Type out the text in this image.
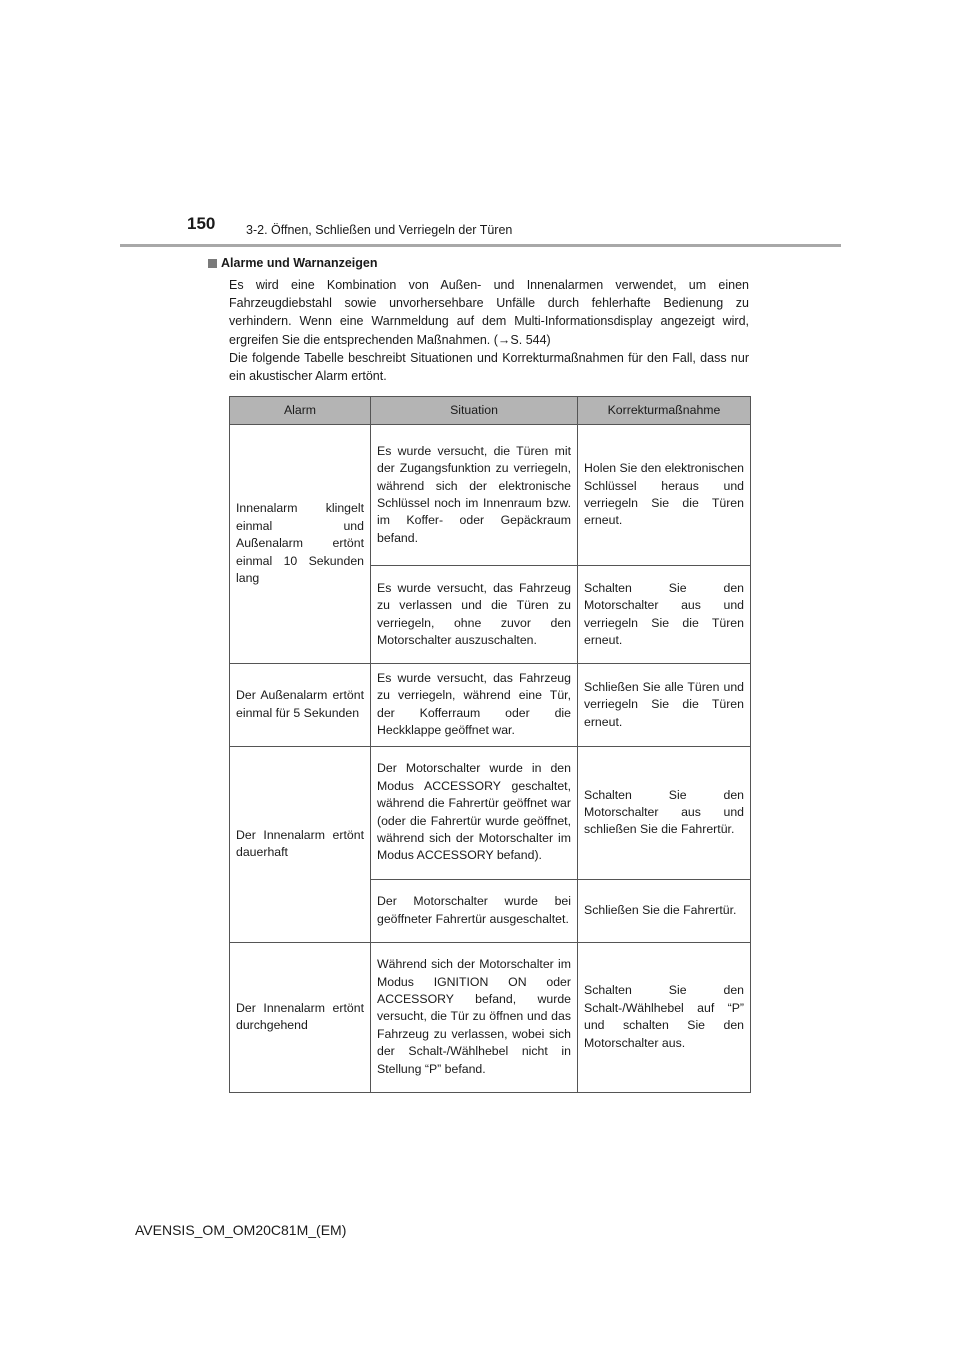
150 3-2. Öffnen, Schließen und Verriegeln der Türen
Alarme und Warnanzeigen
Es wird eine Kombination von Außen- und Innenalarmen verwendet, um einen Fahrzeugdiebstahl sowie unvorhersehbare Unfälle durch fehlerhafte Bedienung zu verhindern. Wenn eine Warnmeldung auf dem Multi-Informationsdisplay angezeigt wird, ergreifen Sie die entsprechenden Maßnahmen. (→S. 544)
Die folgende Tabelle beschreibt Situationen und Korrekturmaßnahmen für den Fall, dass nur ein akustischer Alarm ertönt.
Alarm	Situation	Korrekturmaßnahme
Innenalarm klingelt einmal und Außenalarm ertönt einmal 10 Sekunden lang	Es wurde versucht, die Türen mit der Zugangsfunktion zu verriegeln, während sich der elektronische Schlüssel noch im Innenraum bzw. im Koffer- oder Gepäckraum befand.	Holen Sie den elektronischen Schlüssel heraus und verriegeln Sie die Türen erneut.
	Es wurde versucht, das Fahrzeug zu verlassen und die Türen zu verriegeln, ohne zuvor den Motorschalter auszuschalten.	Schalten Sie den Motorschalter aus und verriegeln Sie die Türen erneut.
Der Außenalarm ertönt einmal für 5 Sekunden	Es wurde versucht, das Fahrzeug zu verriegeln, während eine Tür, der Kofferraum oder die Heckklappe geöffnet war.	Schließen Sie alle Türen und verriegeln Sie die Türen erneut.
Der Innenalarm ertönt dauerhaft	Der Motorschalter wurde in den Modus ACCESSORY geschaltet, während die Fahrertür geöffnet war (oder die Fahrertür wurde geöffnet, während sich der Motorschalter im Modus ACCESSORY befand).	Schalten Sie den Motorschalter aus und schließen Sie die Fahrertür.
	Der Motorschalter wurde bei geöffneter Fahrertür ausgeschaltet.	Schließen Sie die Fahrertür.
Der Innenalarm ertönt durchgehend	Während sich der Motorschalter im Modus IGNITION ON oder ACCESSORY befand, wurde versucht, die Tür zu öffnen und das Fahrzeug zu verlassen, wobei sich der Schalt-/Wählhebel nicht in Stellung “P” befand.	Schalten Sie den Schalt-/Wählhebel auf “P” und schalten Sie den Motorschalter aus.
AVENSIS_OM_OM20C81M_(EM)
